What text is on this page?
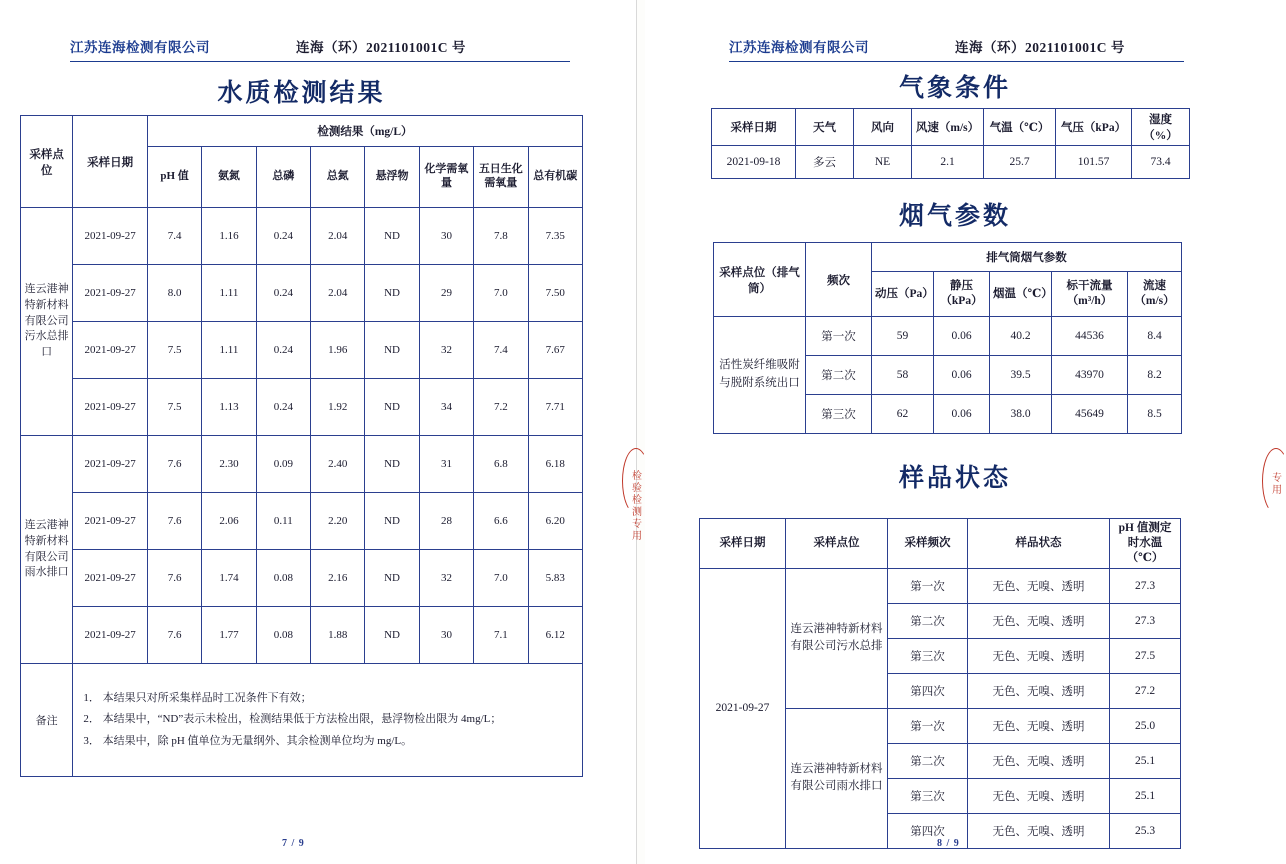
江苏连海检测有限公司	连海（环）2021101001C 号
水质检测结果
采样点位	采样日期	检测结果（mg/L）							
		pH 值	氨氮	总磷	总氮	悬浮物	化学需氧量	五日生化需氧量	总有机碳
连云港神特新材料有限公司污水总排口	2021-09-27	7.4	1.16	0.24	2.04	ND	30	7.8	7.35
	2021-09-27	8.0	1.11	0.24	2.04	ND	29	7.0	7.50
	2021-09-27	7.5	1.11	0.24	1.96	ND	32	7.4	7.67
	2021-09-27	7.5	1.13	0.24	1.92	ND	34	7.2	7.71
连云港神特新材料有限公司雨水排口	2021-09-27	7.6	2.30	0.09	2.40	ND	31	6.8	6.18
	2021-09-27	7.6	2.06	0.11	2.20	ND	28	6.6	6.20
	2021-09-27	7.6	1.74	0.08	2.16	ND	32	7.0	5.83
	2021-09-27	7.6	1.77	0.08	1.88	ND	30	7.1	6.12
备注	1． 本结果只对所采集样品时工况条件下有效；
2． 本结果中，“ND”表示未检出，检测结果低于方法检出限，悬浮物检出限为 4mg/L；
3． 本结果中，除 pH 值单位为无量纲外、其余检测单位均为 mg/L。								
7 / 9
江苏连海检测有限公司	连海（环）2021101001C 号
气象条件
采样日期	天气	风向	风速（m/s）	气温（℃）	气压（kPa）	湿度（%）
2021-09-18	多云	NE	2.1	25.7	101.57	73.4
烟气参数
采样点位（排气筒）	频次	排气筒烟气参数				
		动压（Pa）	静压（kPa）	烟温（℃）	标干流量（m³/h）	流速（m/s）
活性炭纤维吸附与脱附系统出口	第一次	59	0.06	40.2	44536	8.4
	第二次	58	0.06	39.5	43970	8.2
	第三次	62	0.06	38.0	45649	8.5
样品状态
采样日期	采样点位	采样频次	样品状态	pH 值测定时水温（℃）
2021-09-27	连云港神特新材料有限公司污水总排	第一次	无色、无嗅、透明	27.3
		第二次	无色、无嗅、透明	27.3
		第三次	无色、无嗅、透明	27.5
		第四次	无色、无嗅、透明	27.2
	连云港神特新材料有限公司雨水排口	第一次	无色、无嗅、透明	25.0
		第二次	无色、无嗅、透明	25.1
		第三次	无色、无嗅、透明	25.1
		第四次	无色、无嗅、透明	25.3
8 / 9
检验检测专用	专用
